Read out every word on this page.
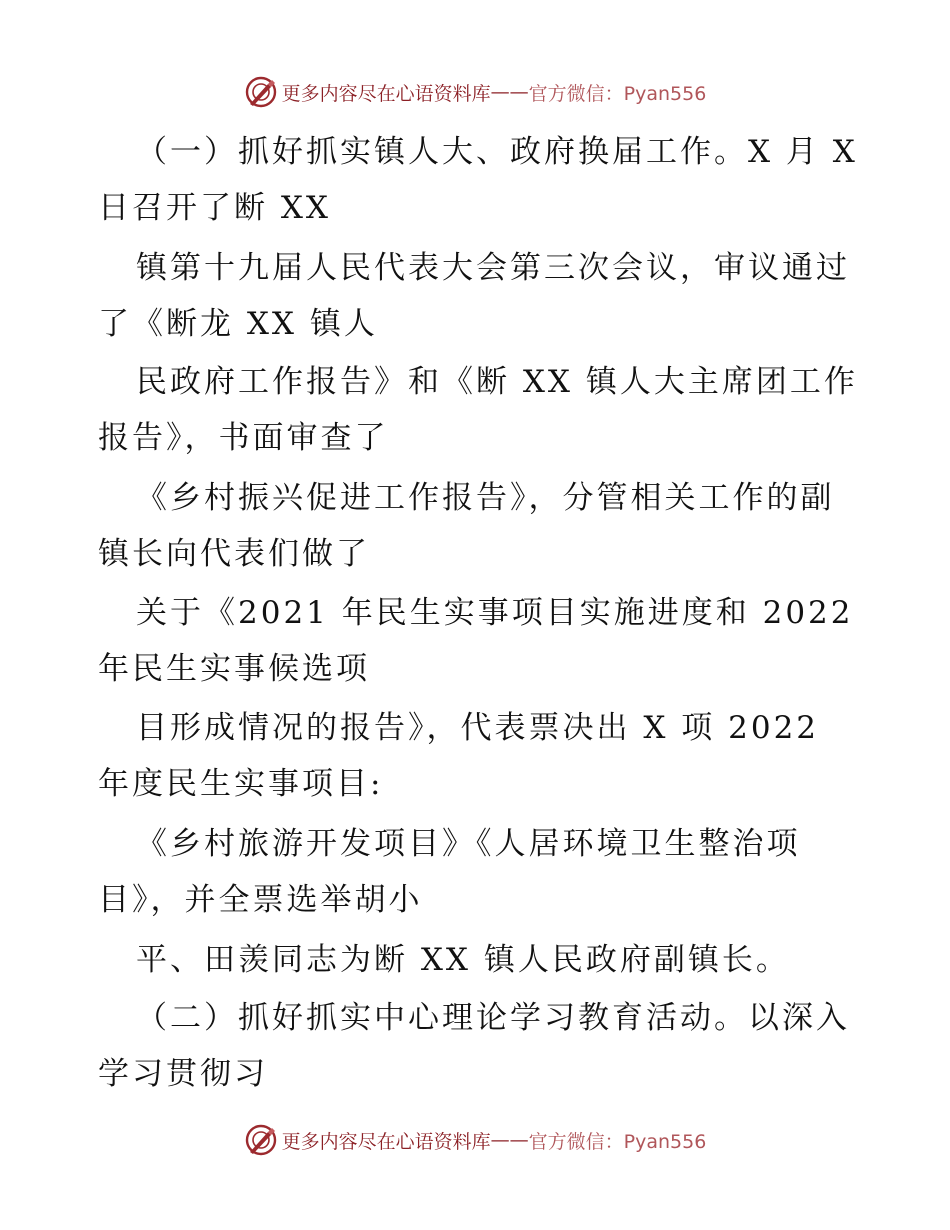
更多内容尽在心语资料库 —— 官方微信：Pyan556
（一）抓好抓实镇人大、政府换届工作。X 月 X
日召开了断 XX
镇第十九届人民代表大会第三次会议，审议通过
了《断龙 XX 镇人
民政府工作报告》和《断 XX 镇人大主席团工作
报告》，书面审查了
《乡村振兴促进工作报告》，分管相关工作的副
镇长向代表们做了
关于《2021 年民生实事项目实施进度和 2022
年民生实事候选项
目形成情况的报告》，代表票决出 X 项 2022
年度民生实事项目:
《乡村旅游开发项目》《人居环境卫生整治项
目》，并全票选举胡小
平、田羡同志为断 XX 镇人民政府副镇长。
（二）抓好抓实中心理论学习教育活动。以深入
学习贯彻习
更多内容尽在心语资料库 —— 官方微信：Pyan556
